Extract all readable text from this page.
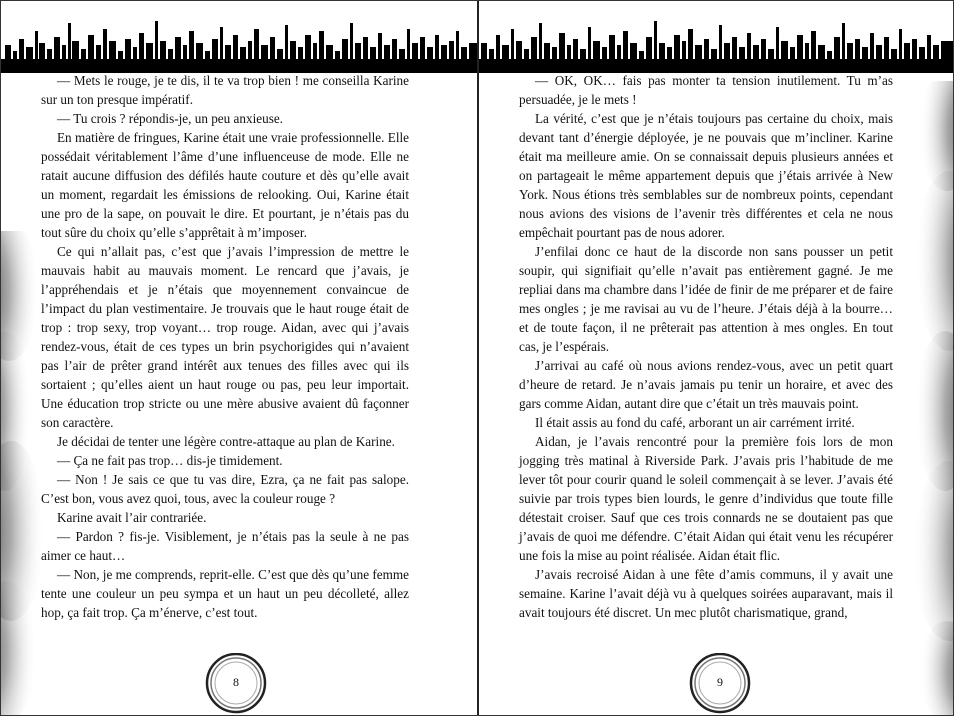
— Mets le rouge, je te dis, il te va trop bien ! me conseilla Karine sur un ton presque impératif.

— Tu crois ? répondis-je, un peu anxieuse.

En matière de fringues, Karine était une vraie professionnelle. Elle possédait véritablement l’âme d’une influenceuse de mode. Elle ne ratait aucune diffusion des défilés haute couture et dès qu’elle avait un moment, regardait les émissions de relooking. Oui, Karine était une pro de la sape, on pouvait le dire. Et pourtant, je n’étais pas du tout sûre du choix qu’elle s’apprêtait à m’imposer.

Ce qui n’allait pas, c’est que j’avais l’impression de mettre le mauvais habit au mauvais moment. Le rencard que j’avais, je l’appréhendais et je n’étais que moyennement convaincue de l’impact du plan vestimentaire. Je trouvais que le haut rouge était de trop : trop sexy, trop voyant… trop rouge. Aidan, avec qui j’avais rendez-vous, était de ces types un brin psychorigides qui n’avaient pas l’air de prêter grand intérêt aux tenues des filles avec qui ils sortaient ; qu’elles aient un haut rouge ou pas, peu leur importait. Une éducation trop stricte ou une mère abusive avaient dû façonner son caractère.

Je décidai de tenter une légère contre-attaque au plan de Karine.

— Ça ne fait pas trop… dis-je timidement.

— Non ! Je sais ce que tu vas dire, Ezra, ça ne fait pas salope. C’est bon, vous avez quoi, tous, avec la couleur rouge ?

Karine avait l’air contrariée.

— Pardon ? fis-je. Visiblement, je n’étais pas la seule à ne pas aimer ce haut…

— Non, je me comprends, reprit-elle. C’est que dès qu’une femme tente une couleur un peu sympa et un haut un peu décolleté, allez hop, ça fait trop. Ça m’énerve, c’est tout.

8

— OK, OK… fais pas monter ta tension inutilement. Tu m’as persuadée, je le mets !

La vérité, c’est que je n’étais toujours pas certaine du choix, mais devant tant d’énergie déployée, je ne pouvais que m’incliner. Karine était ma meilleure amie. On se connaissait depuis plusieurs années et on partageait le même appartement depuis que j’étais arrivée à New York. Nous étions très semblables sur de nombreux points, cependant nous avions des visions de l’avenir très différentes et cela ne nous empêchait pourtant pas de nous adorer.

J’enfilai donc ce haut de la discorde non sans pousser un petit soupir, qui signifiait qu’elle n’avait pas entièrement gagné. Je me repliai dans ma chambre dans l’idée de finir de me préparer et de faire mes ongles ; je me ravisai au vu de l’heure. J’étais déjà à la bourre… et de toute façon, il ne prêterait pas attention à mes ongles. En tout cas, je l’espérais.

J’arrivai au café où nous avions rendez-vous, avec un petit quart d’heure de retard. Je n’avais jamais pu tenir un horaire, et avec des gars comme Aidan, autant dire que c’était un très mauvais point.

Il était assis au fond du café, arborant un air carrément irrité.

Aidan, je l’avais rencontré pour la première fois lors de mon jogging très matinal à Riverside Park. J’avais pris l’habitude de me lever tôt pour courir quand le soleil commençait à se lever. J’avais été suivie par trois types bien lourds, le genre d’individus que toute fille détestait croiser. Sauf que ces trois connards ne se doutaient pas que j’avais de quoi me défendre. C’était Aidan qui était venu les récupérer une fois la mise au point réalisée. Aidan était flic.

J’avais recroisé Aidan à une fête d’amis communs, il y avait une semaine. Karine l’avait déjà vu à quelques soirées auparavant, mais il avait toujours été discret. Un mec plutôt charismatique, grand,

9
